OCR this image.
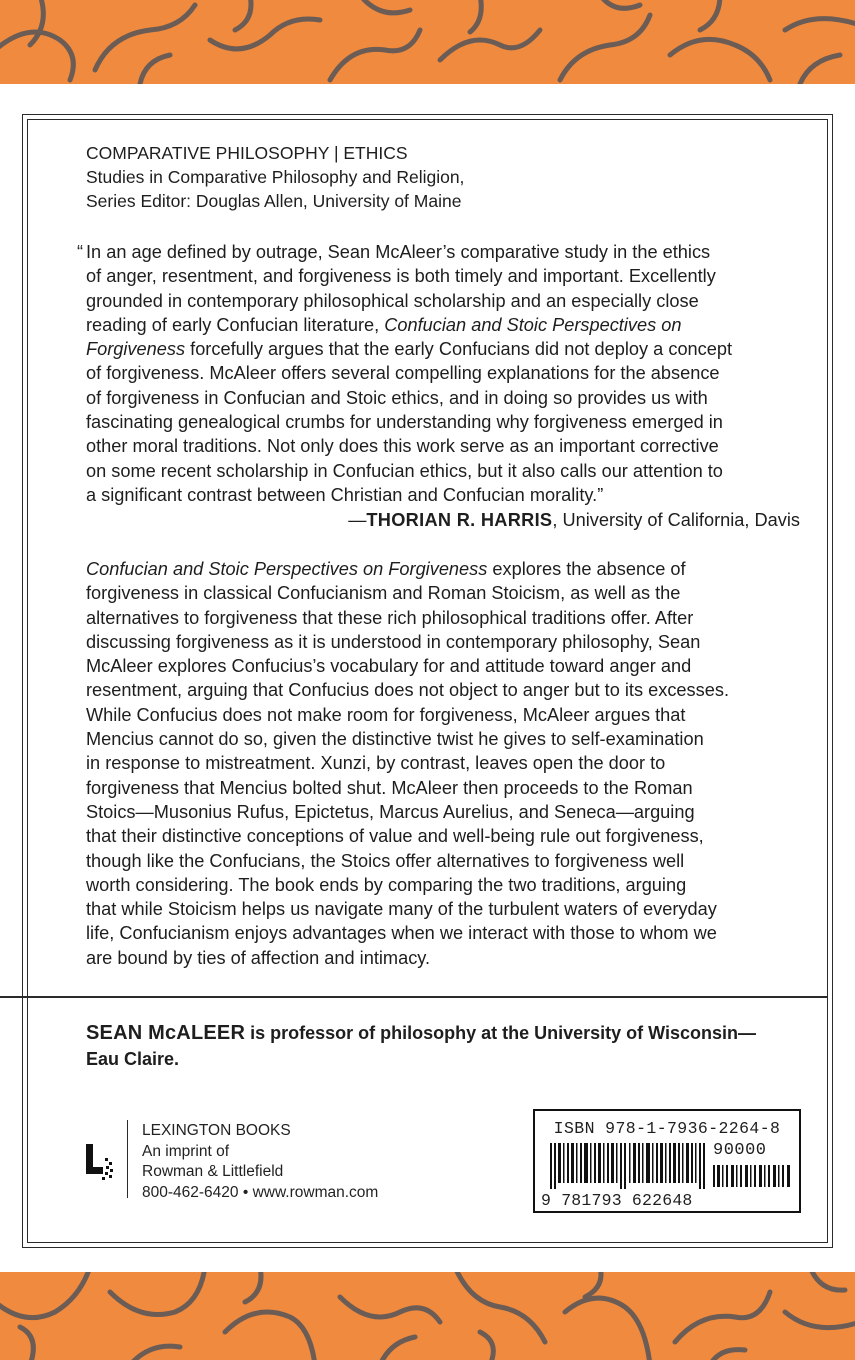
COMPARATIVE PHILOSOPHY | ETHICS
Studies in Comparative Philosophy and Religion,
Series Editor: Douglas Allen, University of Maine
“ In an age defined by outrage, Sean McAleer’s comparative study in the ethics
of anger, resentment, and forgiveness is both timely and important. Excellently
grounded in contemporary philosophical scholarship and an especially close
reading of early Confucian literature, Confucian and Stoic Perspectives on
Forgiveness forcefully argues that the early Confucians did not deploy a concept
of forgiveness. McAleer offers several compelling explanations for the absence
of forgiveness in Confucian and Stoic ethics, and in doing so provides us with
fascinating genealogical crumbs for understanding why forgiveness emerged in
other moral traditions. Not only does this work serve as an important corrective
on some recent scholarship in Confucian ethics, but it also calls our attention to
a significant contrast between Christian and Confucian morality.”
—THORIAN R. HARRIS, University of California, Davis
Confucian and Stoic Perspectives on Forgiveness explores the absence of
forgiveness in classical Confucianism and Roman Stoicism, as well as the
alternatives to forgiveness that these rich philosophical traditions offer. After
discussing forgiveness as it is understood in contemporary philosophy, Sean
McAleer explores Confucius’s vocabulary for and attitude toward anger and
resentment, arguing that Confucius does not object to anger but to its excesses.
While Confucius does not make room for forgiveness, McAleer argues that
Mencius cannot do so, given the distinctive twist he gives to self-examination
in response to mistreatment. Xunzi, by contrast, leaves open the door to
forgiveness that Mencius bolted shut. McAleer then proceeds to the Roman
Stoics—Musonius Rufus, Epictetus, Marcus Aurelius, and Seneca—arguing
that their distinctive conceptions of value and well-being rule out forgiveness,
though like the Confucians, the Stoics offer alternatives to forgiveness well
worth considering. The book ends by comparing the two traditions, arguing
that while Stoicism helps us navigate many of the turbulent waters of everyday
life, Confucianism enjoys advantages when we interact with those to whom we
are bound by ties of affection and intimacy.
SEAN McALEER is professor of philosophy at the University of Wisconsin—
Eau Claire.
LEXINGTON BOOKS
An imprint of
Rowman & Littlefield
800-462-6420 • www.rowman.com
ISBN 978-1-7936-2264-8
90000
9 781793 622648
